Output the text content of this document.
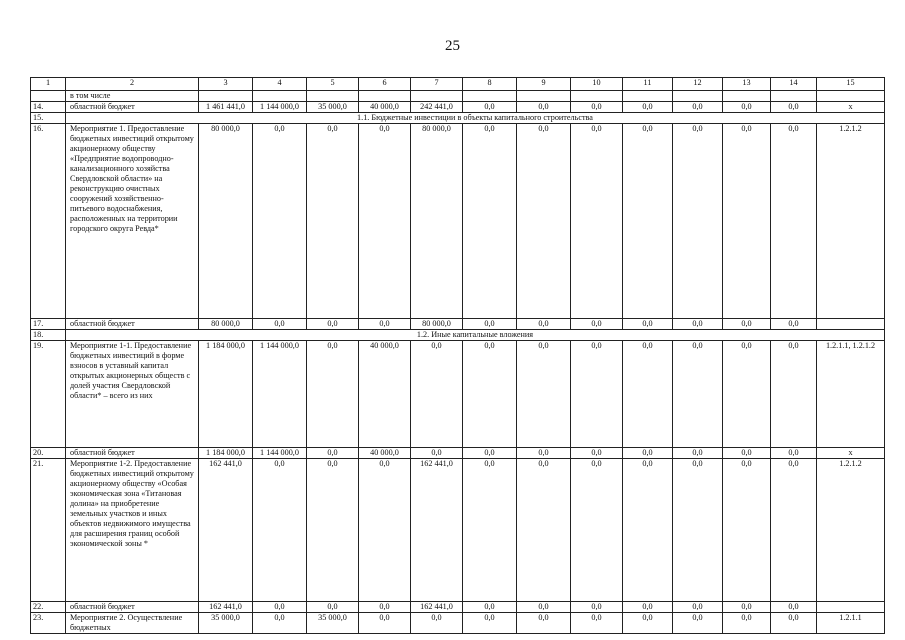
25
1	2	3	4	5	6	7	8	9	10	11	12	13	14	15
	в том числе													
14.	областной бюджет	1 461 441,0	1 144 000,0	35 000,0	40 000,0	242 441,0	0,0	0,0	0,0	0,0	0,0	0,0	0,0	х
15.	1.1. Бюджетные инвестиции в объекты капитального строительства													
16.	Мероприятие 1. Предоставление бюджетных инвестиций открытому акционерному обществу «Предприятие водопроводно-канализационного хозяйства Свердловской области» на реконструкцию очистных сооружений хозяйственно-питьевого водоснабжения, расположенных на территории городского округа Ревда*	80 000,0	0,0	0,0	0,0	80 000,0	0,0	0,0	0,0	0,0	0,0	0,0	0,0	1.2.1.2
17.	областной бюджет	80 000,0	0,0	0,0	0,0	80 000,0	0,0	0,0	0,0	0,0	0,0	0,0	0,0	
18.	1.2. Иные капитальные вложения													
19.	Мероприятие 1-1. Предоставление бюджетных инвестиций в форме взносов в уставный капитал открытых акционерных обществ с долей участия Свердловской области* – всего из них	1 184 000,0	1 144 000,0	0,0	40 000,0	0,0	0,0	0,0	0,0	0,0	0,0	0,0	0,0	1.2.1.1, 1.2.1.2
20.	областной бюджет	1 184 000,0	1 144 000,0	0,0	40 000,0	0,0	0,0	0,0	0,0	0,0	0,0	0,0	0,0	х
21.	Мероприятие 1-2. Предоставление бюджетных инвестиций открытому акционерному обществу «Особая экономическая зона «Титановая долина» на приобретение земельных участков и иных объектов недвижимого имущества для расширения границ особой экономической зоны *	162 441,0	0,0	0,0	0,0	162 441,0	0,0	0,0	0,0	0,0	0,0	0,0	0,0	1.2.1.2
22.	областной бюджет	162 441,0	0,0	0,0	0,0	162 441,0	0,0	0,0	0,0	0,0	0,0	0,0	0,0	
23.	Мероприятие 2. Осуществление бюджетных	35 000,0	0,0	35 000,0	0,0	0,0	0,0	0,0	0,0	0,0	0,0	0,0	0,0	1.2.1.1
